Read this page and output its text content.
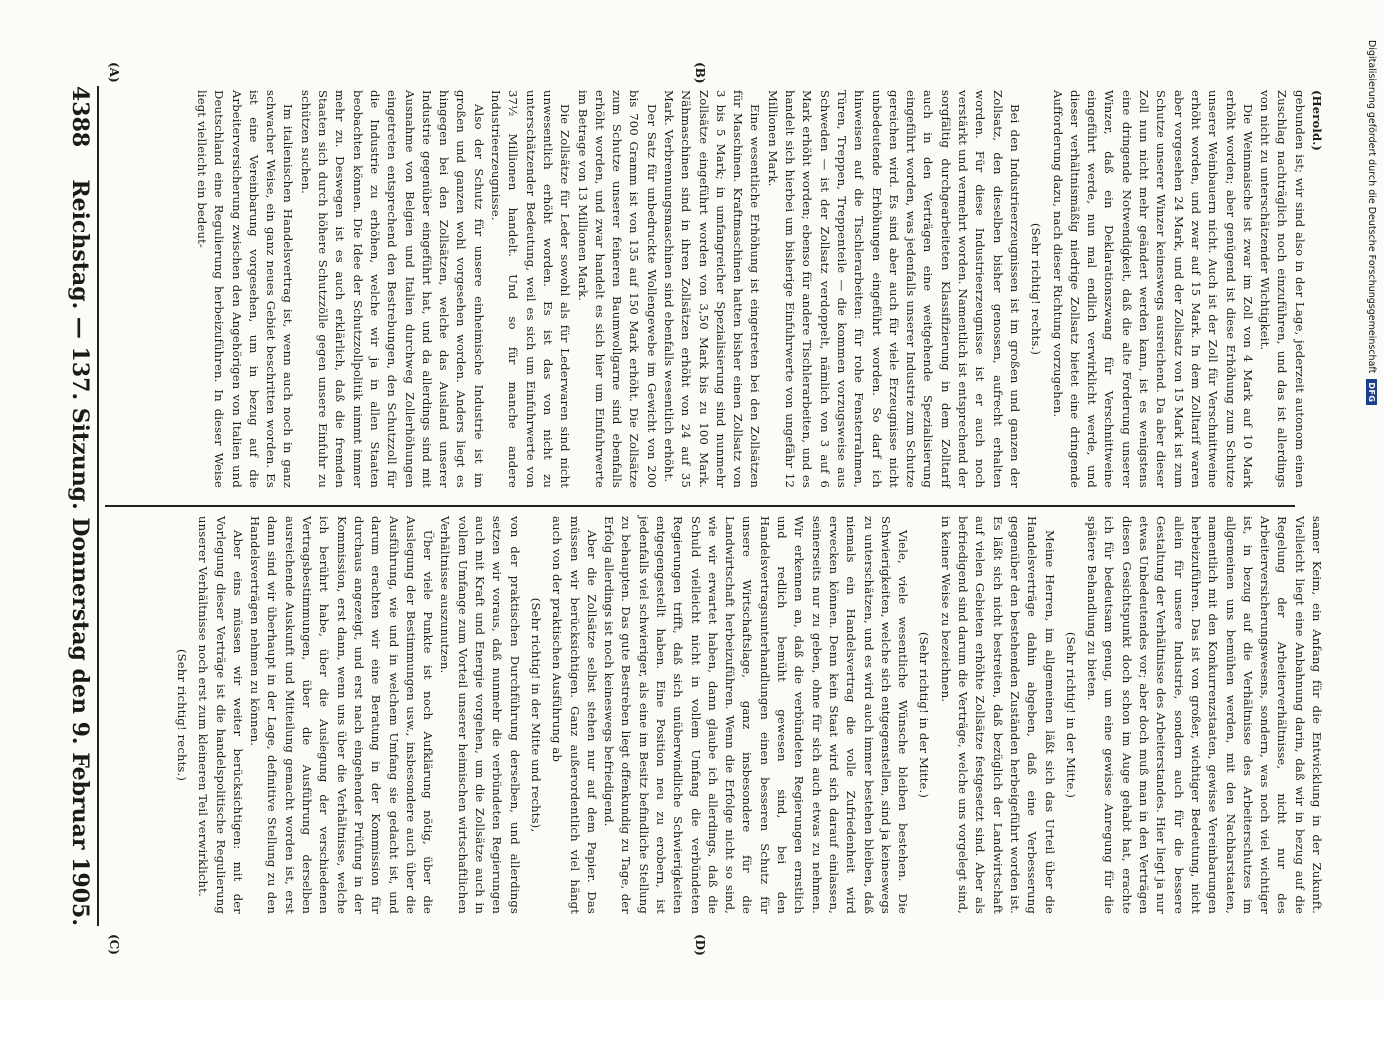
4388
Reichstag. — 137. Sitzung. Donnerstag den 9. Februar 1905.
(A)	(B)
(C)	(D)

(Herold.)

gebunden ist; wir sind also in der Lage, jederzeit autonom einen Zuschlag nachträglich noch einzuführen, und das ist allerdings von nicht zu unterschätzender Wichtigkeit.

Die Weinmaische ist zwar im Zoll von 4 Mark auf 10 Mark erhöht worden; aber genügend ist diese Erhöhung zum Schutze unserer Weinbauern nicht. Auch ist der Zoll für Verschnittweine erhöht worden, und zwar auf 15 Mark. In dem Zolltarif waren aber vorgesehen 24 Mark, und der Zollsatz von 15 Mark ist zum Schutze unserer Winzer keineswegs ausreichend. Da aber dieser Zoll nun nicht mehr geändert werden kann, ist es wenigstens eine dringende Notwendigkeit, daß die alte Forderung unserer Winzer, daß ein Deklarationszwang für Verschnittweine eingeführt werde, nun mal endlich verwirklicht werde, und dieser verhältnismäßig niedrige Zollsatz bietet eine dringende Aufforderung dazu, nach dieser Richtung vorzugehen.

(Sehr richtig! rechts.)

Bei den Industrieerzeugnissen ist im großen und ganzen der Zollsatz, den dieselben bisher genossen, aufrecht erhalten worden. Für diese Industrieerzeugnisse ist er auch noch verstärkt und vermehrt worden. Namentlich ist entsprechend der sorgfältig durchgearbeiteten Klassifizierung in dem Zolltarif auch in den Verträgen eine weitgehende Spezialisierung eingeführt worden, was jedenfalls unserer Industrie zum Schutze gereichen wird. Es sind aber auch für viele Erzeugnisse nicht unbedeutende Erhöhungen eingeführt worden. So darf ich hinweisen auf die Tischlerarbeiten: für rohe Fensterrahmen, Türen, Treppen, Treppenteile — die kommen vorzugsweise aus Schweden — ist der Zollsatz verdoppelt, nämlich von 3 auf 6 Mark erhöht worden; ebenso für andere Tischlerarbeiten, und es handelt sich hierbei um bisherige Einfuhrwerte von ungefähr 12 Millionen Mark.

Eine wesentliche Erhöhung ist eingetreten bei den Zollsätzen für Maschinen. Kraftmaschinen hatten bisher einen Zollsatz von 3 bis 5 Mark; in umfangreicher Spezialisierung sind nunmehr Zollsätze eingeführt worden von 3,50 Mark bis zu 100 Mark. Nähmaschinen sind in ihren Zollsätzen erhöht von 24 auf 35 Mark. Verbrennungsmaschinen sind ebenfalls wesentlich erhöht.

Der Satz für unbedruckte Wollengewebe im Gewicht von 200 bis 700 Gramm ist von 135 auf 150 Mark erhöht. Die Zollsätze zum Schutze unserer feineren Baumwollgarne sind ebenfalls erhöht worden, und zwar handelt es sich hier um Einfuhrwerte im Betrage von 13 Millionen Mark.

Die Zollsätze für Leder sowohl als für Lederwaren sind nicht unwesentlich erhöht worden. Es ist das von nicht zu unterschätzender Bedeutung, weil es sich um Einfuhrwerte von 37½ Millionen handelt. Und so für manche andere Industrieerzeugnisse.

Also der Schutz für unsere einheimische Industrie ist im großen und ganzen wohl vorgesehen worden. Anders liegt es hingegen bei den Zollsätzen, welche das Ausland unserer Industrie gegenüber eingeführt hat, und da allerdings sind mit Ausnahme von Belgien und Italien durchweg Zollerhöhungen eingetreten entsprechend den Bestrebungen, den Schutzzoll für die Industrie zu erhöhen, welche wir ja in allen Staaten beobachten können. Die Idee der Schutzzollpolitik nimmt immer mehr zu. Deswegen ist es auch erklärlich, daß die fremden Staaten sich durch höhere Schutzzölle gegen unsere Einfuhr zu schützen suchen.

Im italienischen Handelsvertrag ist, wenn auch noch in ganz schwacher Weise, ein ganz neues Gebiet beschritten worden. Es ist eine Vereinbarung vorgesehen, um in bezug auf die Arbeiterversicherung zwischen den Angehörigen von Italien und Deutschland eine Regulierung herbeizuführen. In dieser Weise liegt vielleicht ein bedeut-

samer Keim, ein Anfang für die Entwicklung in der Zukunft. Vielleicht liegt eine Anbahnung darin, daß wir in bezug auf die Regelung der Arbeiterverhältnisse, nicht nur des Arbeiterversicherungswesens, sondern, was noch viel wichtiger ist, in bezug auf die Verhältnisse des Arbeiterschutzes im allgemeinen uns bemühen werden, mit den Nachbarstaaten, namentlich mit den Konkurrenzstaaten, gewisse Vereinbarungen herbeizuführen. Das ist von großer, wichtiger Bedeutung, nicht allein für unsere Industrie, sondern auch für die bessere Gestaltung der Verhältnisse des Arbeiterstandes. Hier liegt ja nur etwas Unbedeutendes vor; aber doch muß man in den Verträgen diesen Gesichtspunkt doch schon im Auge gehabt hat, erachte ich für bedeutsam genug, um eine gewisse Anregung für die spätere Behandlung zu bieten.

(Sehr richtig! in der Mitte.)

Meine Herren, im allgemeinen läßt sich das Urteil über die Handelsverträge dahin abgeben, daß eine Verbesserung gegenüber den bestehenden Zuständen herbeigeführt worden ist. Es läßt sich nicht bestreiten, daß bezüglich der Landwirtschaft auf vielen Gebieten erhöhte Zollsätze festgesetzt sind. Aber als befriedigend sind darum die Verträge, welche uns vorgelegt sind, in keiner Weise zu bezeichnen.

(Sehr richtig! in der Mitte.)

Viele, viele wesentliche Wünsche bleiben bestehen. Die Schwierigkeiten, welche sich entgegenstellen, sind ja keineswegs zu unterschätzen, und es wird auch immer bestehen bleiben, daß niemals ein Handelsvertrag die volle Zufriedenheit wird erwecken können. Denn kein Staat wird sich darauf einlassen, seinerseits nur zu geben, ohne für sich auch etwas zu nehmen. Wir erkennen an, daß die verbündeten Regierungen ernstlich und redlich bemüht gewesen sind, bei den Handelsvertragsunterhandlungen einen besseren Schutz für unsere Wirtschaftslage, ganz insbesondere für die Landwirtschaft herbeizuführen. Wenn die Erfolge nicht so sind, wie wir erwartet haben, dann glaube ich allerdings, daß die Schuld vielleicht nicht in vollem Umfang die verbündeten Regierungen trifft, daß sich unüberwindliche Schwierigkeiten entgegengestellt haben. Eine Position neu zu erobern, ist jedenfalls viel schwieriger, als eine im Besitz befindliche Stellung zu behaupten. Das gute Bestreben liegt offenkundig zu Tage, der Erfolg allerdings ist noch keineswegs befriedigend.

Aber die Zollsätze selbst stehen nur auf dem Papier. Das müssen wir berücksichtigen. Ganz außerordentlich viel hängt auch von der praktischen Ausführung ab

(Sehr richtig! in der Mitte und rechts),

von der praktischen Durchführung derselben, und allerdings setzen wir voraus, daß nunmehr die verbündeten Regierungen auch mit Kraft und Energie vorgehen, um die Zollsätze auch in vollem Umfange zum Vorteil unserer heimischen wirtschaftlichen Verhältnisse auszunutzen.

Über viele Punkte ist noch Aufklärung nötig, über die Auslegung der Bestimmungen usw., insbesondere auch über die Ausführung, wie und in welchem Umfang sie gedacht ist, und darum erachten wir eine Beratung in der Kommission für durchaus angezeigt, und erst nach eingehender Prüfung in der Kommission, erst dann, wenn uns über die Verhältnisse, welche ich berührt habe, über die Auslegung der verschiedenen Vertragsbestimmungen, über die Ausführung derselben ausreichende Auskunft und Mitteilung gemacht worden ist, erst dann sind wir überhaupt in der Lage, definitive Stellung zu den Handelsverträgen nehmen zu können.

Aber eins müssen wir weiter berücksichtigen: mit der Vorlegung dieser Verträge ist die handelspolitische Regulierung unserer Verhältnisse noch erst zum kleineren Teil verwirklicht.

(Sehr richtig! rechts.)

Digitalisierung gefördert durch die Deutsche Forschungsgemeinschaft
DFG
